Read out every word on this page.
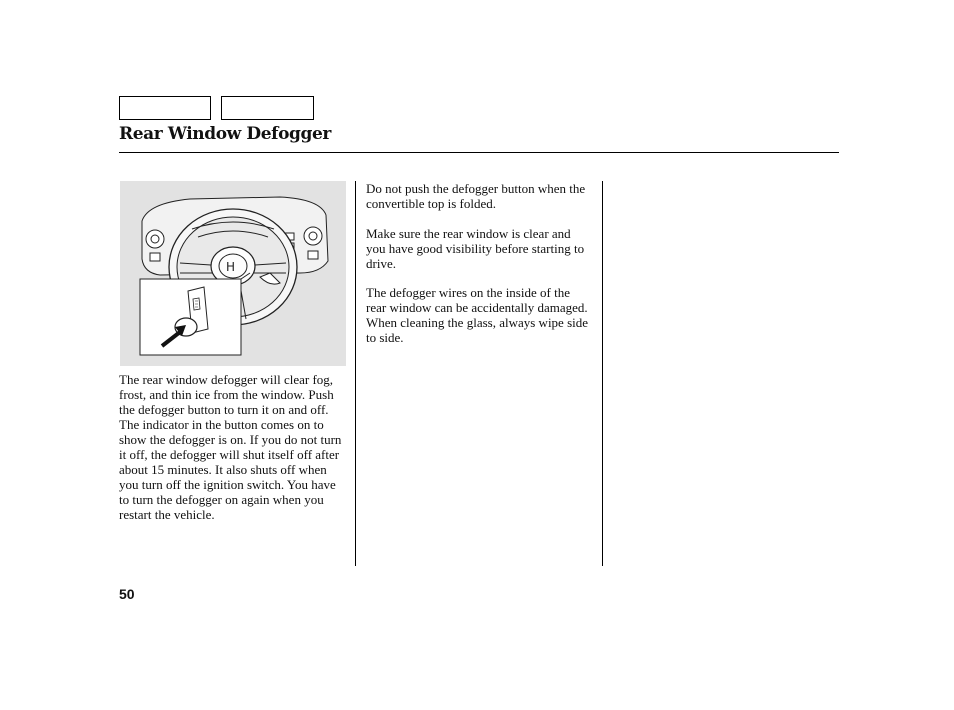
Rear Window Defogger
H

The rear window defogger will clear fog, frost, and thin ice from the window. Push the defogger button to turn it on and off. The indicator in the button comes on to show the defogger is on. If you do not turn it off, the defogger will shut itself off after about 15 minutes. It also shuts off when you turn off the ignition switch. You have to turn the defogger on again when you restart the vehicle.

Do not push the defogger button when the convertible top is folded.

Make sure the rear window is clear and you have good visibility before starting to drive.

The defogger wires on the inside of the rear window can be accidentally damaged. When cleaning the glass, always wipe side to side.

50
